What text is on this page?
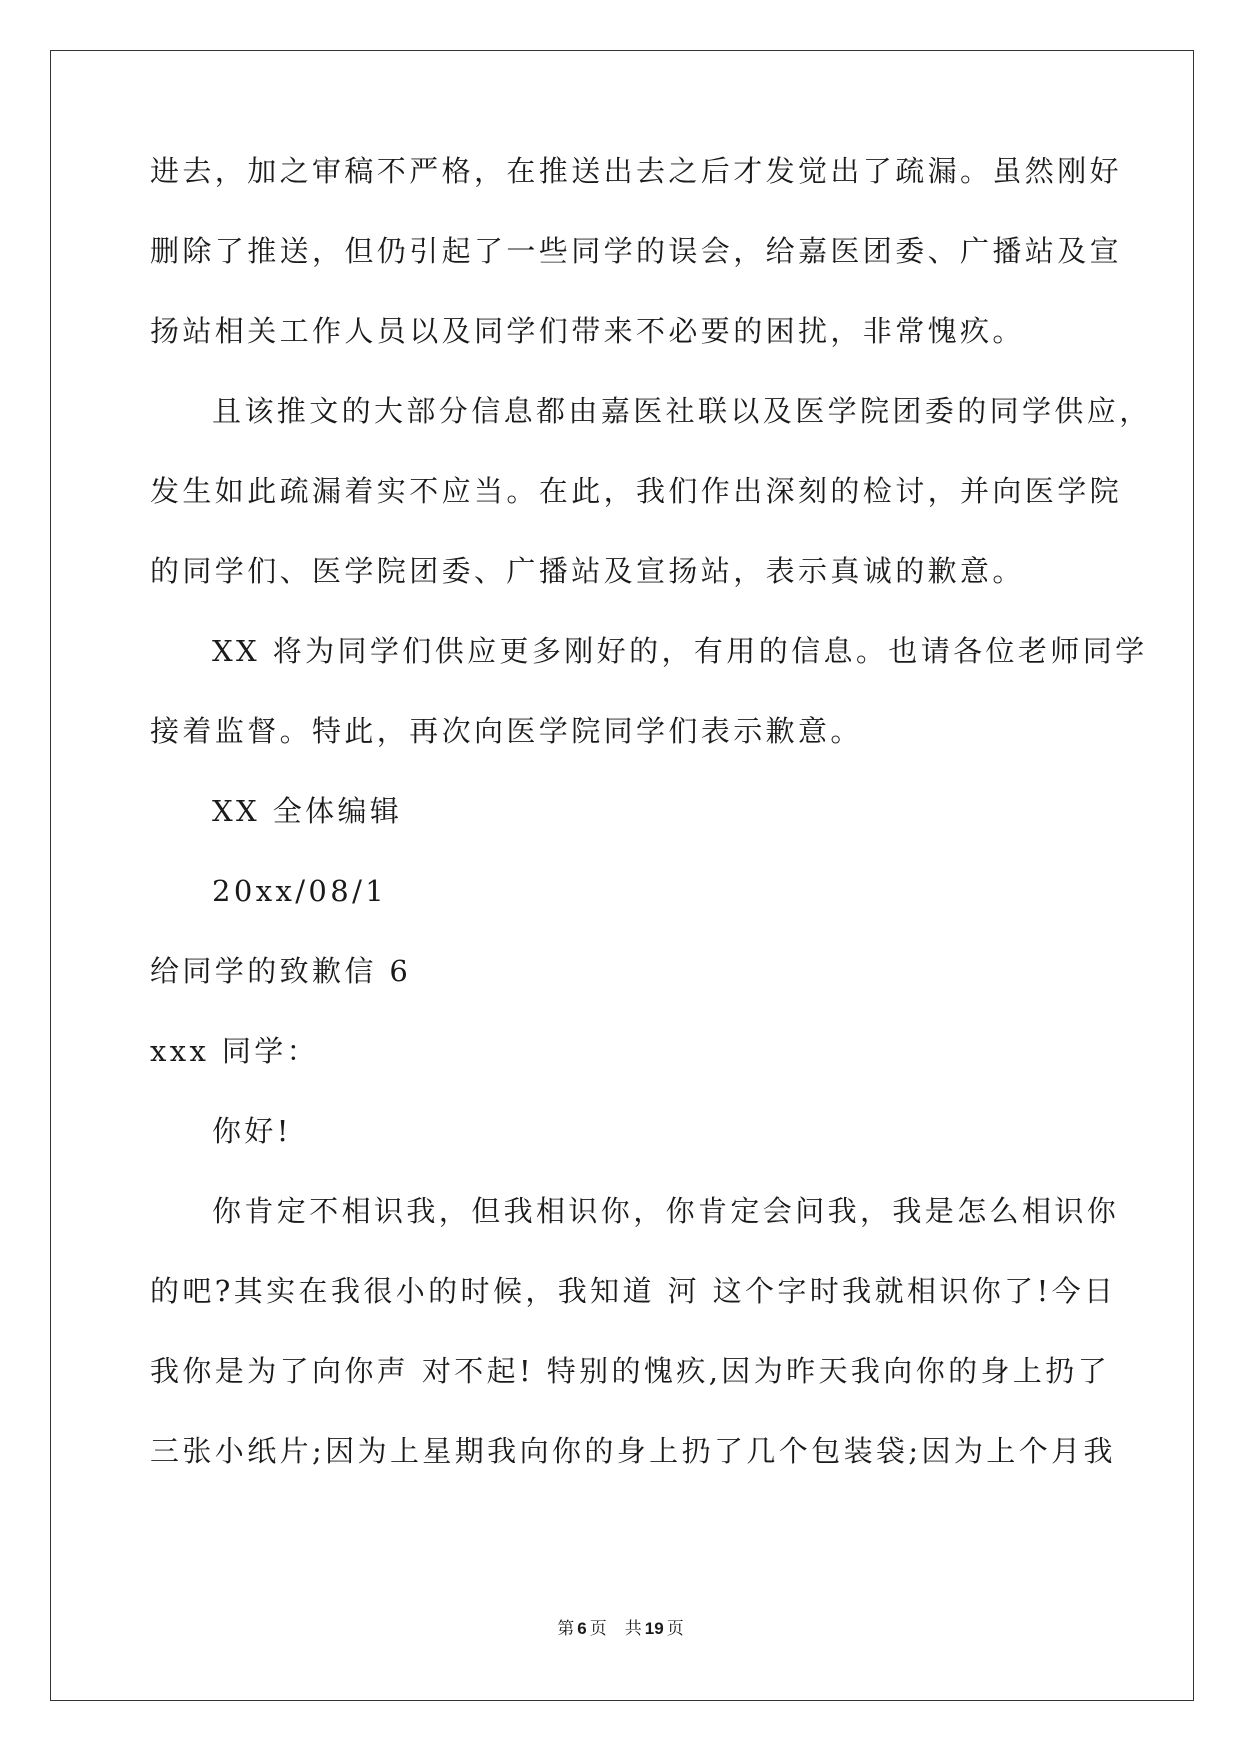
进去，加之审稿不严格，在推送出去之后才发觉出了疏漏。虽然刚好
删除了推送，但仍引起了一些同学的误会，给嘉医团委、广播站及宣
扬站相关工作人员以及同学们带来不必要的困扰，非常愧疚。
且该推文的大部分信息都由嘉医社联以及医学院团委的同学供应，
发生如此疏漏着实不应当。在此，我们作出深刻的检讨，并向医学院
的同学们、医学院团委、广播站及宣扬站，表示真诚的歉意。
XX 将为同学们供应更多刚好的，有用的信息。也请各位老师同学
接着监督。特此，再次向医学院同学们表示歉意。
XX 全体编辑
20xx/08/1
给同学的致歉信 6
xxx 同学：
你好!
你肯定不相识我，但我相识你，你肯定会问我，我是怎么相识你
的吧?其实在我很小的时候，我知道 河 这个字时我就相识你了!今日
我你是为了向你声 对不起! 特别的愧疚,因为昨天我向你的身上扔了
三张小纸片;因为上星期我向你的身上扔了几个包装袋;因为上个月我
第 6 页 共 19 页
